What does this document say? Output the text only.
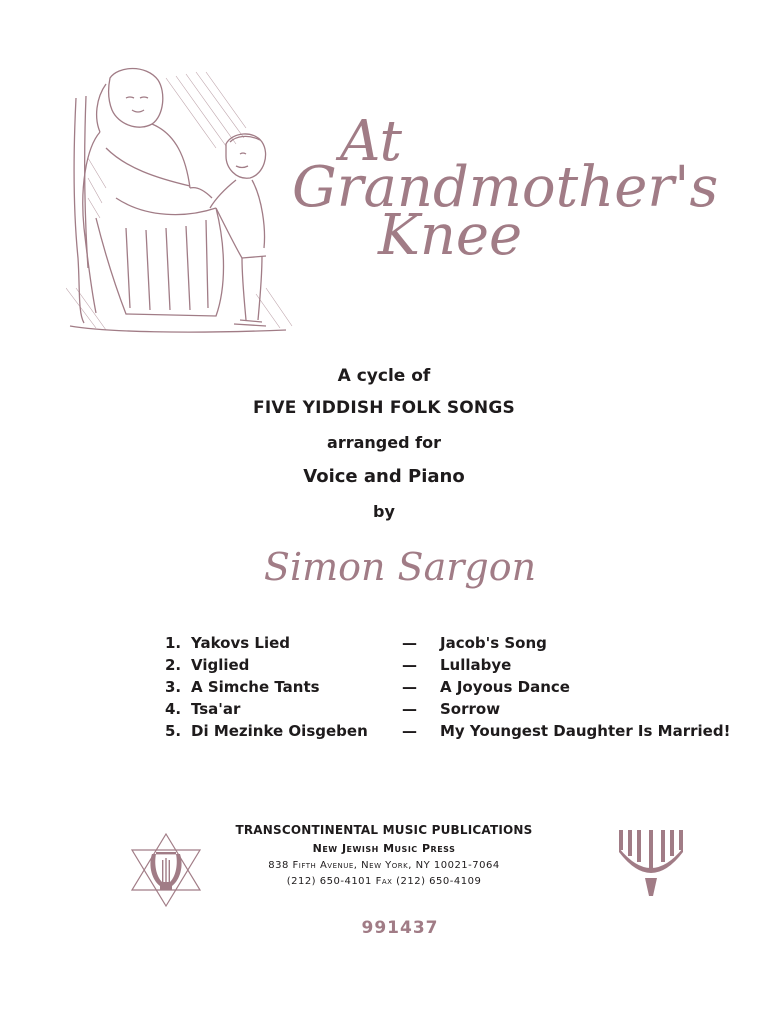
At
Grandmother's
Knee
A cycle of
FIVE YIDDISH FOLK SONGS
arranged for
Voice and Piano
by
Simon Sargon
1. Yakovs Lied	— Jacob's Song
2. Viglied	— Lullabye
3. A Simche Tants	— A Joyous Dance
4. Tsa'ar	— Sorrow
5. Di Mezinke Oisgeben — My Youngest Daughter Is Married!
TRANSCONTINENTAL MUSIC PUBLICATIONS
New Jewish Music Press
838 Fifth Avenue, New York, NY 10021-7064
(212) 650-4101 Fax (212) 650-4109
991437
